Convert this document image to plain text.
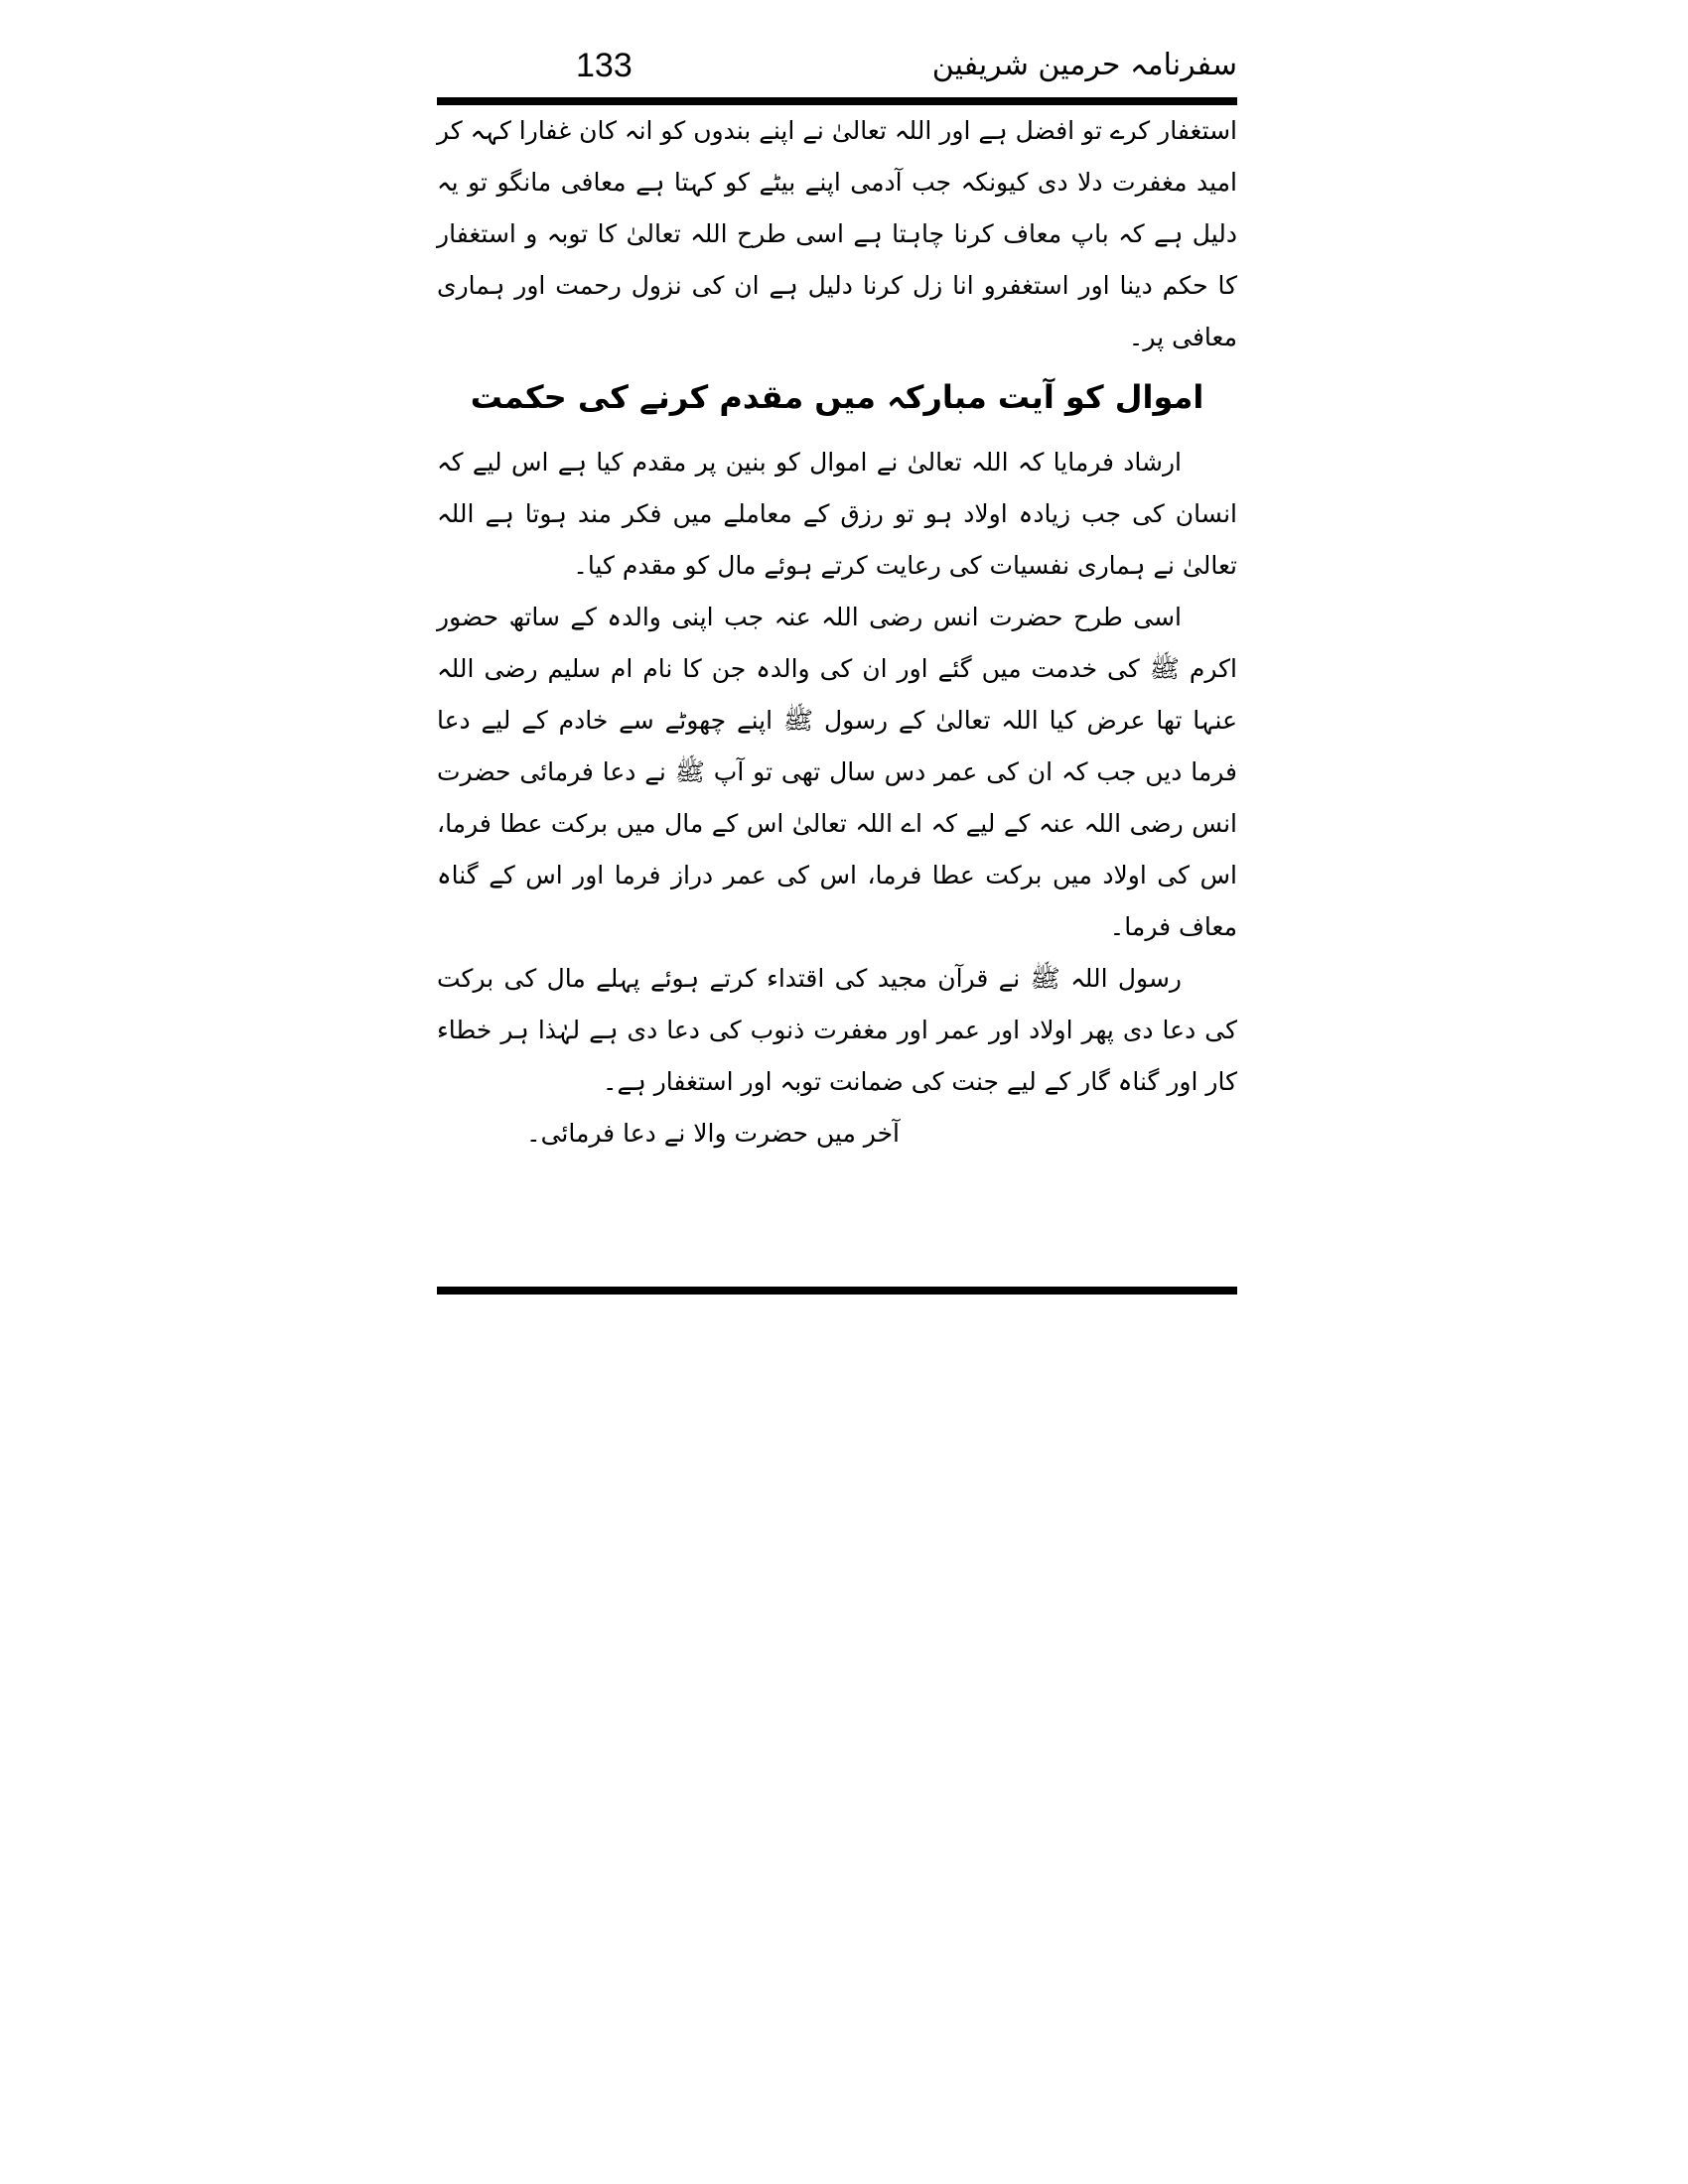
133	سفرنامہ حرمین شریفین

استغفار کرے تو افضل ہے اور اللہ تعالیٰ نے اپنے بندوں کو انہ کان غفارا کہہ کر امید مغفرت دلا دی کیونکہ جب آدمی اپنے بیٹے کو کہتا ہے معافی مانگو تو یہ دلیل ہے کہ باپ معاف کرنا چاہتا ہے اسی طرح اللہ تعالیٰ کا توبہ و استغفار کا حکم دینا اور استغفرو انا زل کرنا دلیل ہے ان کی نزول رحمت اور ہماری معافی پر۔

اموال کو آیت مبارکہ میں مقدم کرنے کی حکمت

ارشاد فرمایا کہ اللہ تعالیٰ نے اموال کو بنین پر مقدم کیا ہے اس لیے کہ انسان کی جب زیادہ اولاد ہو تو رزق کے معاملے میں فکر مند ہوتا ہے اللہ تعالیٰ نے ہماری نفسیات کی رعایت کرتے ہوئے مال کو مقدم کیا۔

اسی طرح حضرت انس رضی اللہ عنہ جب اپنی والدہ کے ساتھ حضور اکرم ﷺ کی خدمت میں گئے اور ان کی والدہ جن کا نام ام سلیم رضی اللہ عنہا تھا عرض کیا اللہ تعالیٰ کے رسول ﷺ اپنے چھوٹے سے خادم کے لیے دعا فرما دیں جب کہ ان کی عمر دس سال تھی تو آپ ﷺ نے دعا فرمائی حضرت انس رضی اللہ عنہ کے لیے کہ اے اللہ تعالیٰ اس کے مال میں برکت عطا فرما، اس کی اولاد میں برکت عطا فرما، اس کی عمر دراز فرما اور اس کے گناہ معاف فرما۔

رسول اللہ ﷺ نے قرآن مجید کی اقتداء کرتے ہوئے پہلے مال کی برکت کی دعا دی پھر اولاد اور عمر اور مغفرت ذنوب کی دعا دی ہے لہٰذا ہر خطاء کار اور گناہ گار کے لیے جنت کی ضمانت توبہ اور استغفار ہے۔

آخر میں حضرت والا نے دعا فرمائی۔
